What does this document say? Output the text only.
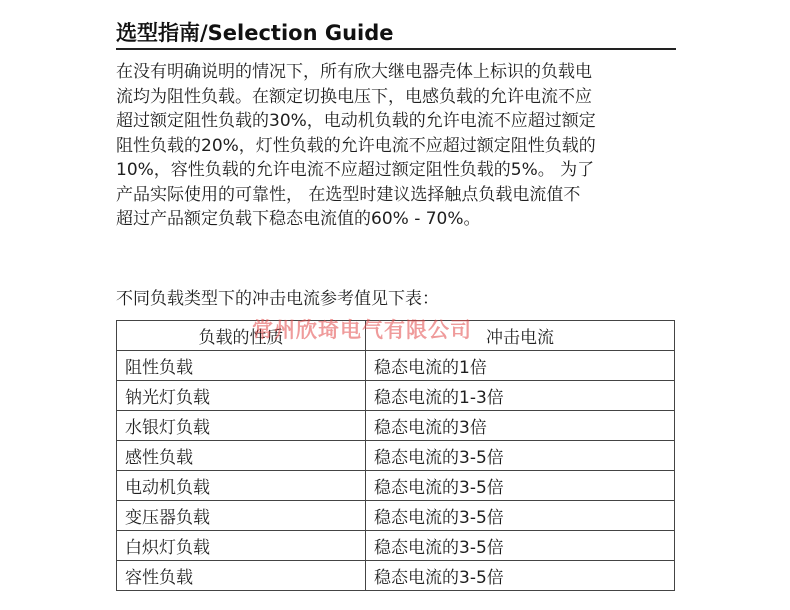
选型指南/Selection Guide

在没有明确说明的情况下，所有欣大继电器壳体上标识的负载电

流均为阻性负载。在额定切换电压下，电感负载的允许电流不应

超过额定阻性负载的30%，电动机负载的允许电流不应超过额定

阻性负载的20%，灯性负载的允许电流不应超过额定阻性负载的

10%，容性负载的允许电流不应超过额定阻性负载的5%。 为了

产品实际使用的可靠性， 在选型时建议选择触点负载电流值不

超过产品额定负载下稳态电流值的60% - 70%。

不同负载类型下的冲击电流参考值见下表：
负载的性质	冲击电流
阻性负载	稳态电流的1倍
钠光灯负载	稳态电流的1-3倍
水银灯负载	稳态电流的3倍
感性负载	稳态电流的3-5倍
电动机负载	稳态电流的3-5倍
变压器负载	稳态电流的3-5倍
白炽灯负载	稳态电流的3-5倍
容性负载	稳态电流的3-5倍
常州欣琦电气有限公司
